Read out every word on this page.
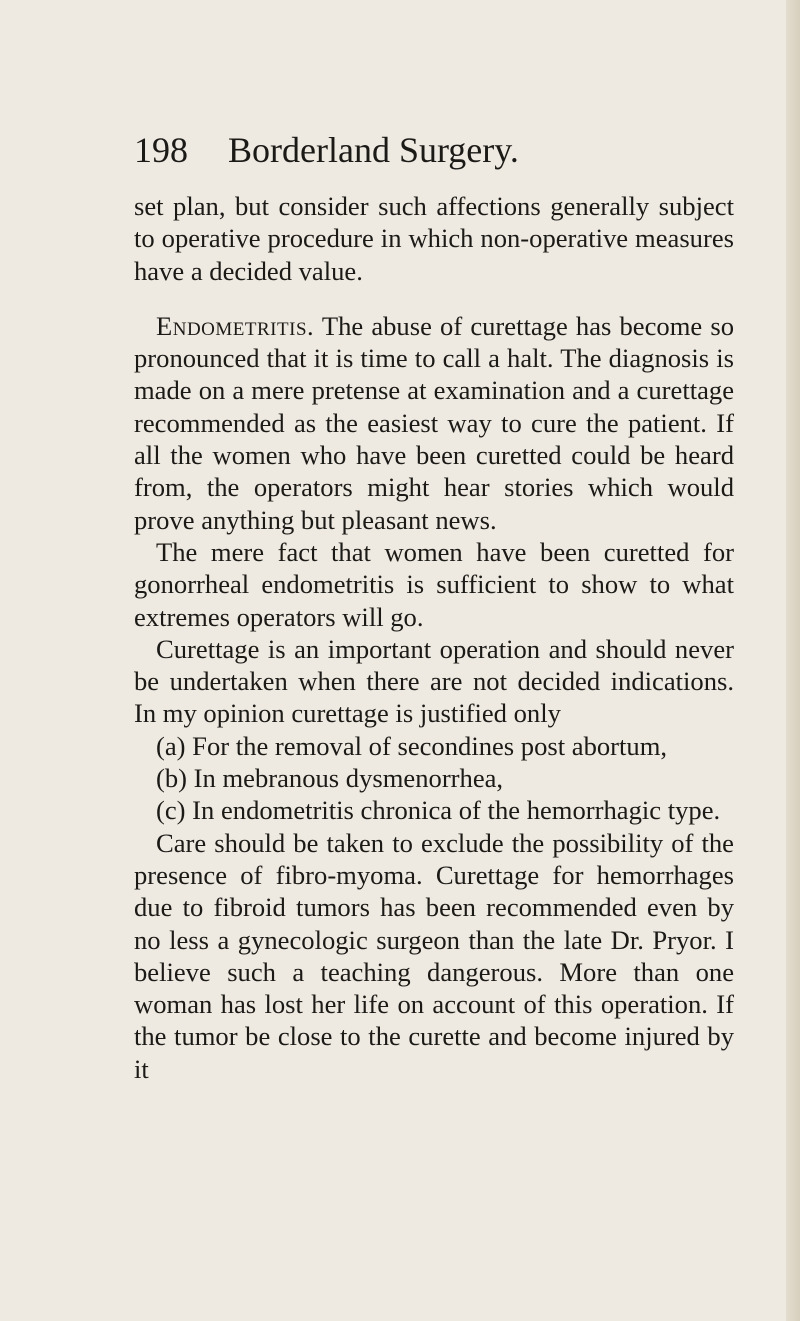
198 Borderland Surgery.

set plan, but consider such affections generally subject to operative procedure in which non-operative measures have a decided value.

Endometritis. The abuse of curettage has become so pronounced that it is time to call a halt. The diagnosis is made on a mere pretense at examination and a curettage recommended as the easiest way to cure the patient. If all the women who have been curetted could be heard from, the operators might hear stories which would prove anything but pleasant news.

The mere fact that women have been curetted for gonorrheal endometritis is sufficient to show to what extremes operators will go.

Curettage is an important operation and should never be undertaken when there are not decided indications. In my opinion curettage is justified only

(a) For the removal of secondines post abortum,

(b) In mebranous dysmenorrhea,

(c) In endometritis chronica of the hemorrhagic type.

Care should be taken to exclude the possibility of the presence of fibro-myoma. Curettage for hemorrhages due to fibroid tumors has been recommended even by no less a gynecologic surgeon than the late Dr. Pryor. I believe such a teaching dangerous. More than one woman has lost her life on account of this operation. If the tumor be close to the curette and become injured by it
